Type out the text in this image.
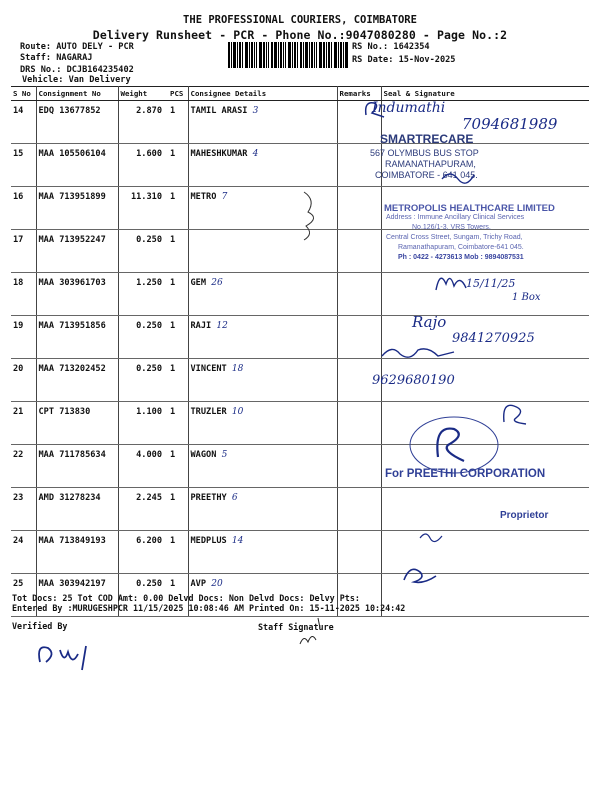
THE PROFESSIONAL COURIERS, COIMBATORE
Delivery Runsheet - PCR - Phone No.:9047080280 - Page No.:2
Route: AUTO DELY - PCR
Staff: NAGARAJ
DRS No.: DCJB164235402
Vehicle: Van Delivery
RS No.: 1642354
RS Date: 15-Nov-2025
S No	Consignment No	Weight	PCS	Consignee Details	Remarks	Seal & Signature
14	EDQ 13677852	2.870	1	TAMIL ARASI 3		
15	MAA 105506104	1.600	1	MAHESHKUMAR 4		
16	MAA 713951899	11.310	1	METRO 7		
17	MAA 713952247	0.250	1			
18	MAA 303961703	1.250	1	GEM 26		
19	MAA 713951856	0.250	1	RAJI 12		
20	MAA 713202452	0.250	1	VINCENT 18		
21	CPT 713830	1.100	1	TRUZLER 10		
22	MAA 711785634	4.000	1	WAGON 5		
23	AMD 31278234	2.245	1	PREETHY 6		
24	MAA 713849193	6.200	1	MEDPLUS 14		
25	MAA 303942197	0.250	1	AVP 20		
Indumathi
7094681989
SMARTRECARE
567 OLYMBUS BUS STOP
RAMANATHAPURAM,
COIMBATORE - 641 045.
METROPOLIS HEALTHCARE LIMITED
Address : Immune Ancillary Clinical Services
No.126/1-3, VRS Towers,
Central Cross Street, Sungam, Trichy Road,
Ramanathapuram, Coimbatore-641 045.
Ph : 0422 - 4273613 Mob : 9894087531
15/11/25
1 Box
Rajo
9841270925
9629680190
For PREETHI CORPORATION
Proprietor
Tot Docs: 25 Tot COD Amt: 0.00 Delvd Docs: Non Delvd Docs: Delvy Pts:
Entered By :MURUGESHPCR 11/15/2025 10:08:46 AM Printed On: 15-11-2025 10:24:42
Verified By	Staff Signature
